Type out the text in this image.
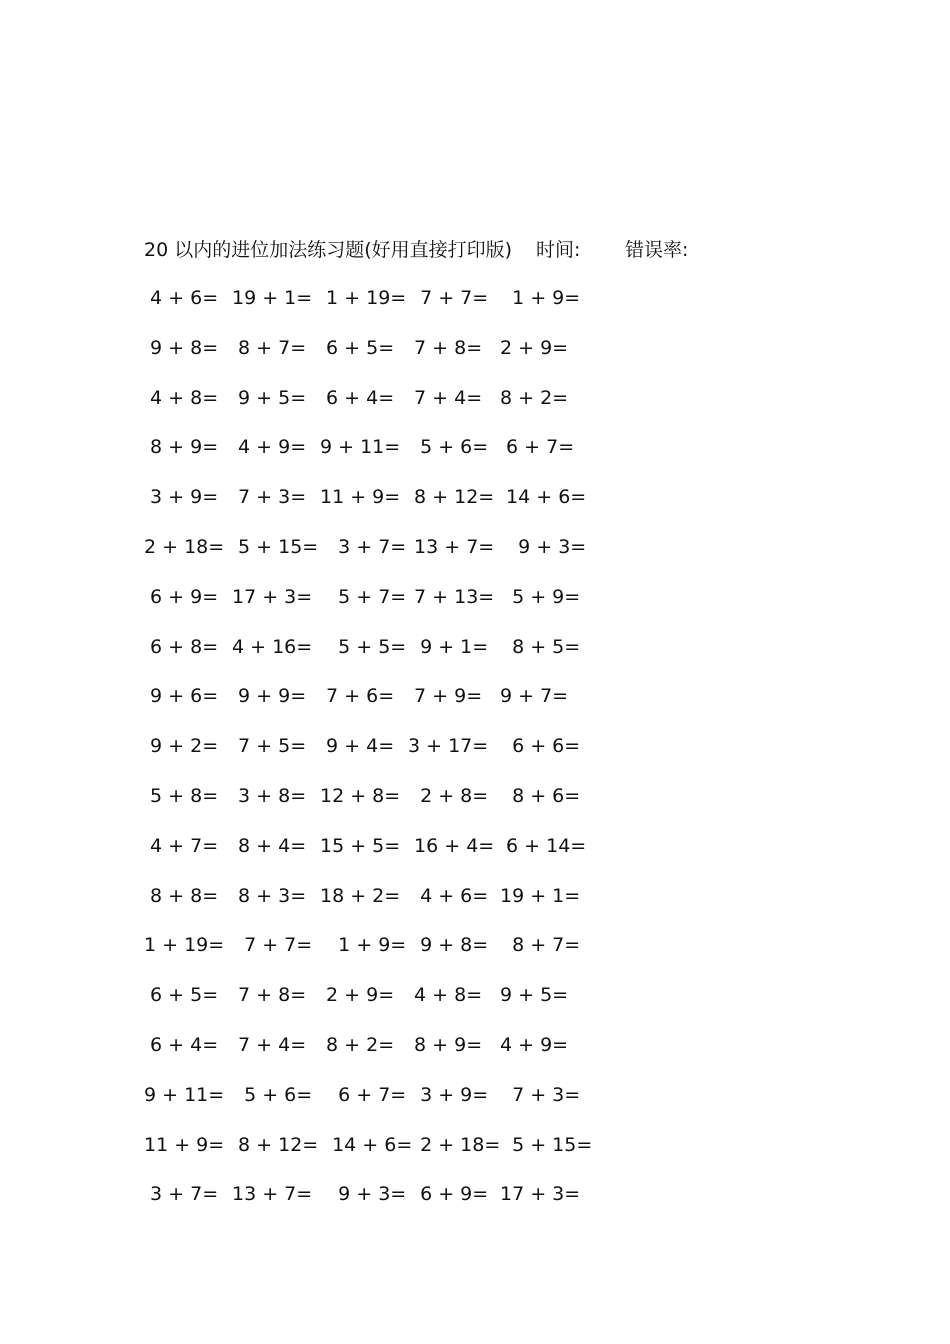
20 以内的进位加法练习题(好用直接打印版) 时间: 错误率:
4 + 6= 19 + 1= 1 + 19= 7 + 7= 1 + 9=
9 + 8= 8 + 7= 6 + 5= 7 + 8= 2 + 9=
4 + 8= 9 + 5= 6 + 4= 7 + 4= 8 + 2=
8 + 9= 4 + 9= 9 + 11= 5 + 6= 6 + 7=
3 + 9= 7 + 3= 11 + 9= 8 + 12= 14 + 6=
2 + 18= 5 + 15= 3 + 7= 13 + 7= 9 + 3=
6 + 9= 17 + 3= 5 + 7= 7 + 13= 5 + 9=
6 + 8= 4 + 16= 5 + 5= 9 + 1= 8 + 5=
9 + 6= 9 + 9= 7 + 6= 7 + 9= 9 + 7=
9 + 2= 7 + 5= 9 + 4= 3 + 17= 6 + 6=
5 + 8= 3 + 8= 12 + 8= 2 + 8= 8 + 6=
4 + 7= 8 + 4= 15 + 5= 16 + 4= 6 + 14=
8 + 8= 8 + 3= 18 + 2= 4 + 6= 19 + 1=
1 + 19= 7 + 7= 1 + 9= 9 + 8= 8 + 7=
6 + 5= 7 + 8= 2 + 9= 4 + 8= 9 + 5=
6 + 4= 7 + 4= 8 + 2= 8 + 9= 4 + 9=
9 + 11= 5 + 6= 6 + 7= 3 + 9= 7 + 3=
11 + 9= 8 + 12= 14 + 6=
2 + 18= 5 + 15=
3 + 7= 13 + 7= 9 + 3= 6 + 9= 17 + 3=
